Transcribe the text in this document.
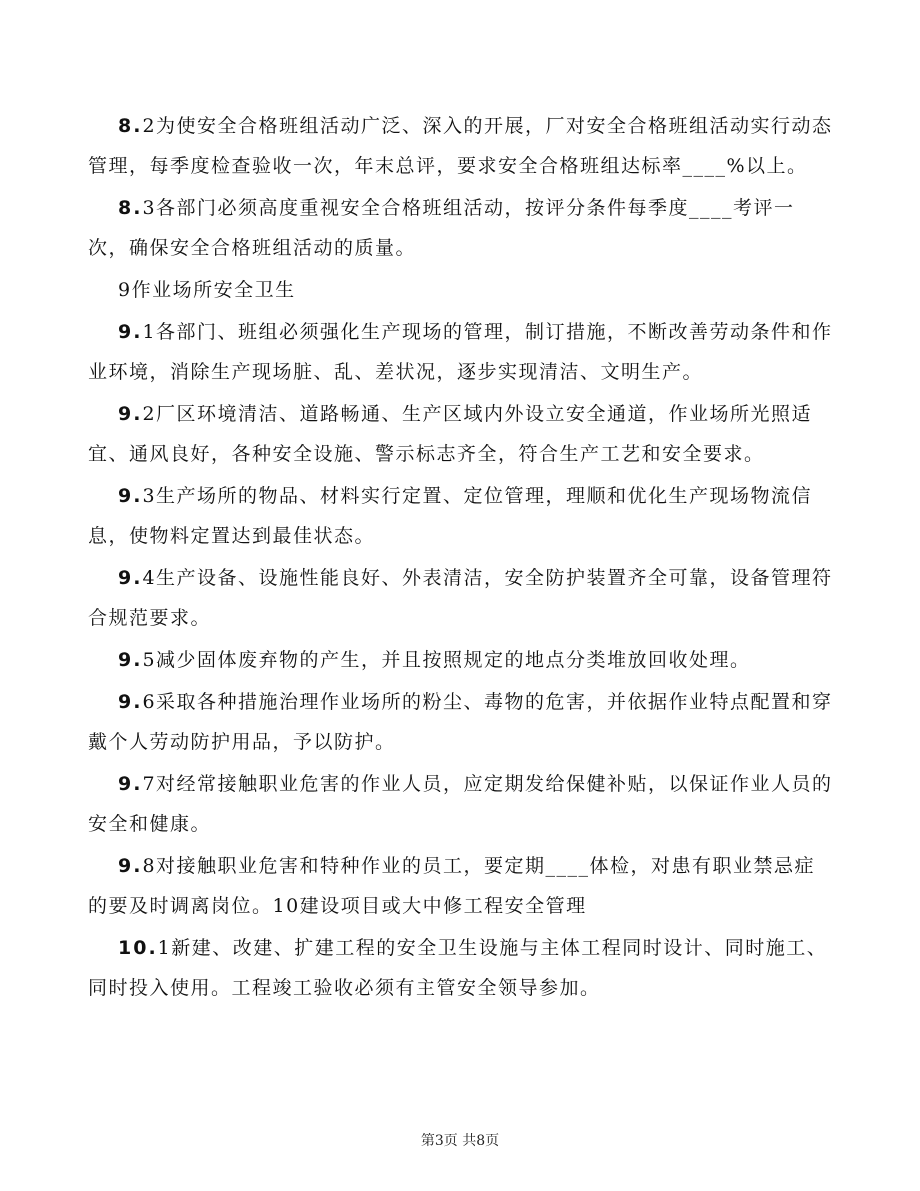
8.2为使安全合格班组活动广泛、深入的开展，厂对安全合格班组活动实行动态管理，每季度检查验收一次，年末总评，要求安全合格班组达标率____%以上。

8.3各部门必须高度重视安全合格班组活动，按评分条件每季度____考评一次，确保安全合格班组活动的质量。

9作业场所安全卫生

9.1各部门、班组必须强化生产现场的管理，制订措施，不断改善劳动条件和作业环境，消除生产现场脏、乱、差状况，逐步实现清洁、文明生产。

9.2厂区环境清洁、道路畅通、生产区域内外设立安全通道，作业场所光照适宜、通风良好，各种安全设施、警示标志齐全，符合生产工艺和安全要求。

9.3生产场所的物品、材料实行定置、定位管理，理顺和优化生产现场物流信息，使物料定置达到最佳状态。

9.4生产设备、设施性能良好、外表清洁，安全防护装置齐全可靠，设备管理符合规范要求。

9.5减少固体废弃物的产生，并且按照规定的地点分类堆放回收处理。

9.6采取各种措施治理作业场所的粉尘、毒物的危害，并依据作业特点配置和穿戴个人劳动防护用品，予以防护。

9.7对经常接触职业危害的作业人员，应定期发给保健补贴，以保证作业人员的安全和健康。

9.8对接触职业危害和特种作业的员工，要定期____体检，对患有职业禁忌症的要及时调离岗位。10建设项目或大中修工程安全管理

10.1新建、改建、扩建工程的安全卫生设施与主体工程同时设计、同时施工、同时投入使用。工程竣工验收必须有主管安全领导参加。

第3页 共8页
